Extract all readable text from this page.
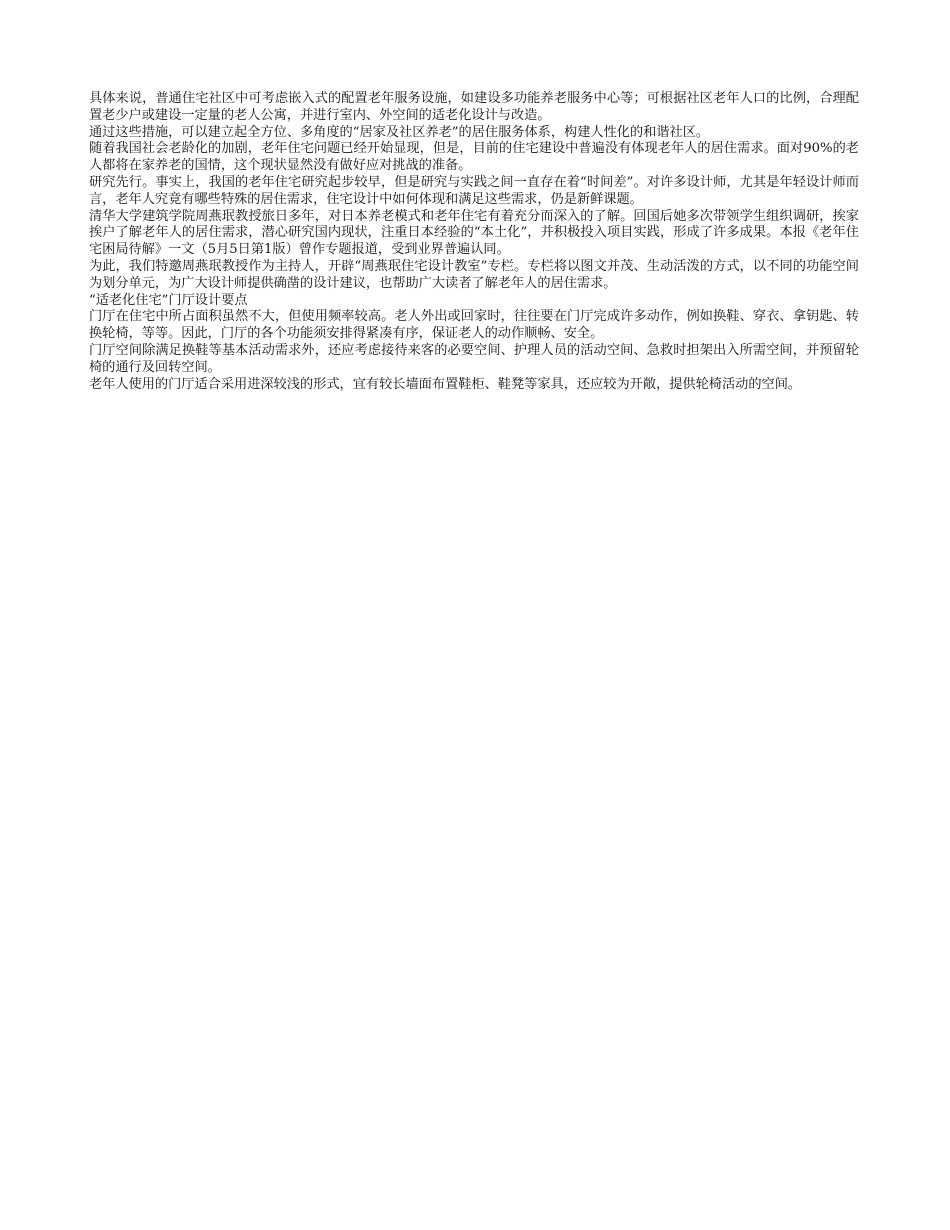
具体来说，普通住宅社区中可考虑嵌入式的配置老年服务设施，如建设多功能养老服务中心等；可根据社区老年人口的比例，合理配置老少户或建设一定量的老人公寓，并进行室内、外空间的适老化设计与改造。

通过这些措施，可以建立起全方位、多角度的“居家及社区养老”的居住服务体系，构建人性化的和谐社区。

随着我国社会老龄化的加剧，老年住宅问题已经开始显现，但是，目前的住宅建设中普遍没有体现老年人的居住需求。面对90%的老人都将在家养老的国情，这个现状显然没有做好应对挑战的准备。

研究先行。事实上，我国的老年住宅研究起步较早，但是研究与实践之间一直存在着“时间差”。对许多设计师，尤其是年轻设计师而言，老年人究竟有哪些特殊的居住需求，住宅设计中如何体现和满足这些需求，仍是新鲜课题。

清华大学建筑学院周燕珉教授旅日多年，对日本养老模式和老年住宅有着充分而深入的了解。回国后她多次带领学生组织调研，挨家挨户了解老年人的居住需求，潜心研究国内现状，注重日本经验的“本土化”，并积极投入项目实践，形成了许多成果。本报《老年住宅困局待解》一文（5月5日第1版）曾作专题报道，受到业界普遍认同。

为此，我们特邀周燕珉教授作为主持人，开辟“周燕珉住宅设计教室”专栏。专栏将以图文并茂、生动活泼的方式，以不同的功能空间为划分单元，为广大设计师提供确凿的设计建议，也帮助广大读者了解老年人的居住需求。

“适老化住宅”门厅设计要点

门厅在住宅中所占面积虽然不大，但使用频率较高。老人外出或回家时，往往要在门厅完成许多动作，例如换鞋、穿衣、拿钥匙、转换轮椅，等等。因此，门厅的各个功能须安排得紧凑有序，保证老人的动作顺畅、安全。

门厅空间除满足换鞋等基本活动需求外，还应考虑接待来客的必要空间、护理人员的活动空间、急救时担架出入所需空间，并预留轮椅的通行及回转空间。

老年人使用的门厅适合采用进深较浅的形式，宜有较长墙面布置鞋柜、鞋凳等家具，还应较为开敞，提供轮椅活动的空间。
